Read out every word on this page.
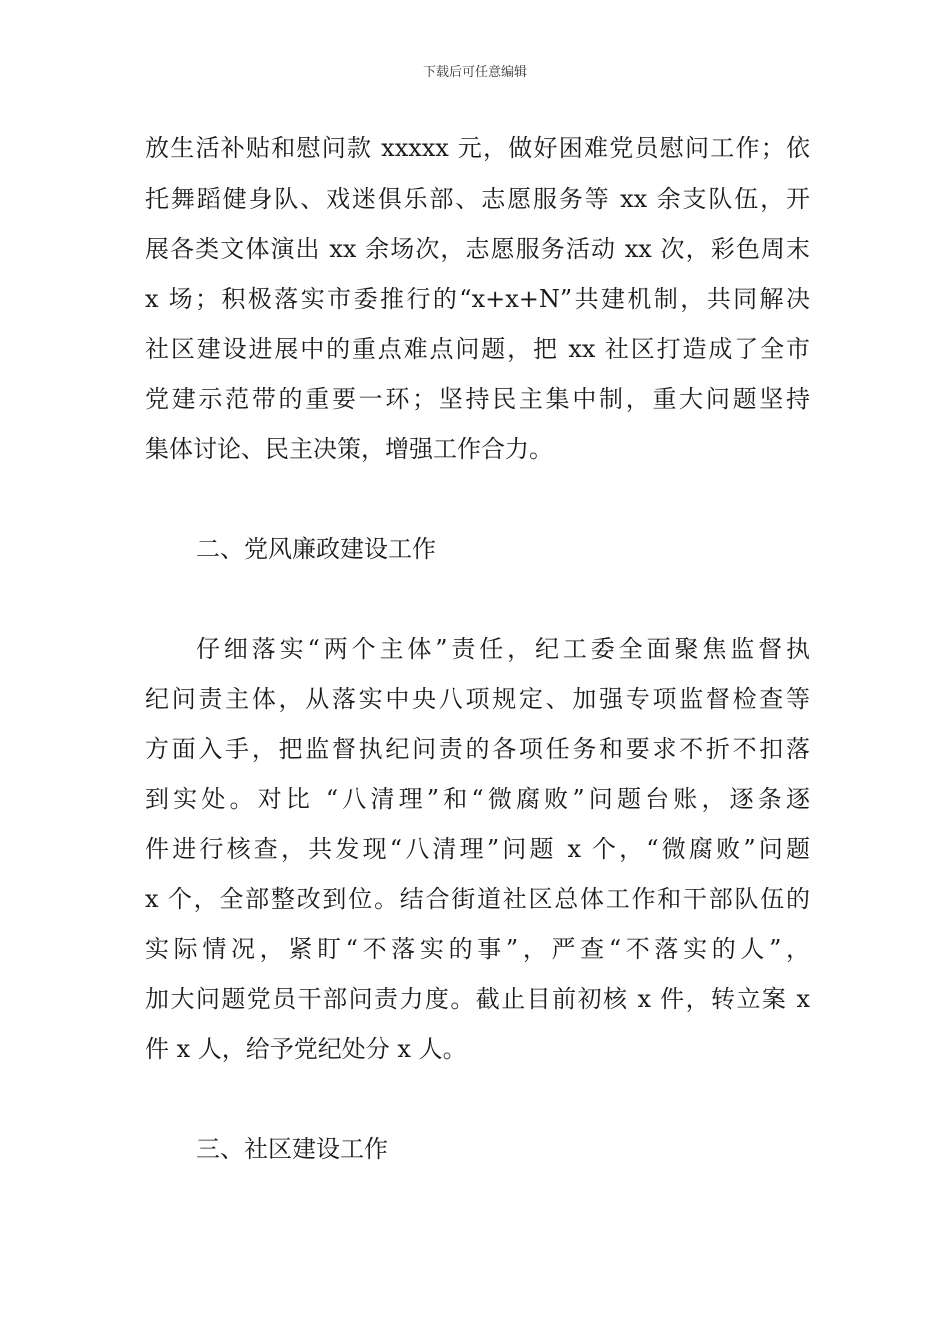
下载后可任意编辑
放生活补贴和慰问款 xxxxx 元，做好困难党员慰问工作；依
托舞蹈健身队、戏迷俱乐部、志愿服务等 xx 余支队伍，开
展各类文体演出 xx 余场次，志愿服务活动 xx 次，彩色周末
x 场；积极落实市委推行的“x+x+N”共建机制，共同解决
社区建设进展中的重点难点问题，把 xx 社区打造成了全市
党建示范带的重要一环；坚持民主集中制，重大问题坚持
集体讨论、民主决策，增强工作合力。
二、党风廉政建设工作
仔细落实“两个主体”责任，纪工委全面聚焦监督执
纪问责主体，从落实中央八项规定、加强专项监督检查等
方面入手，把监督执纪问责的各项任务和要求不折不扣落
到实处。对比 “八清理”和“微腐败”问题台账，逐条逐
件进行核查，共发现“八清理”问题 x 个，“微腐败”问题
x 个，全部整改到位。结合街道社区总体工作和干部队伍的
实际情况，紧盯“不落实的事”，严查“不落实的人”，
加大问题党员干部问责力度。截止目前初核 x 件，转立案 x
件 x 人，给予党纪处分 x 人。
三、社区建设工作
